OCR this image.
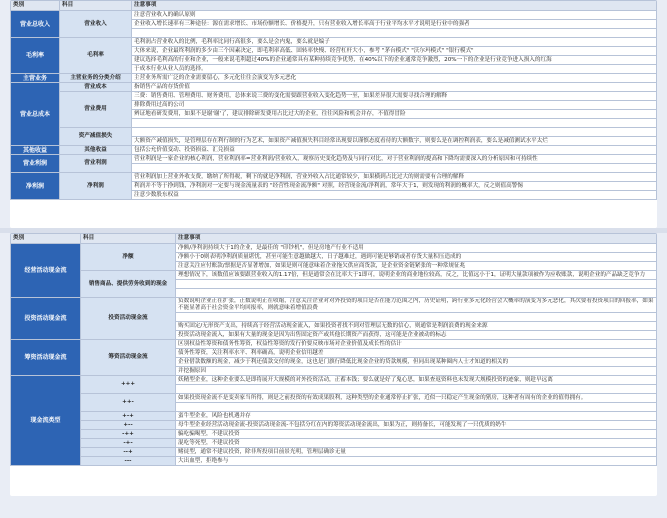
类别	科目	注意事项
营业总收入	营业收入	注意营业收入的确认原则
		企业收入增长速率有三种途径：源在需求增长、市场份额增长、价格提升，只有营业收入增长率高于行业平均水平才说明是行业中的强者

毛利率	毛利率	毛利润占营业收入的比例，毛利率比同行高很多，要么是会内鬼，要么就是编子
		大体来说，企业最终利润的多少由三个因素决定，即毛利率高低、固转率快慢、经营杠杆大小，参考 "茅台模式" "沃尔玛模式" "银行模式"
		建议选择毛利高的行业和企业，一般来说毛利超过40%的企业通常具有某种持续竞争优势，在40%以下的企业通常竞争激烈，20%一下的企业是行业竞争进入损入的红海
		于成本行业从业人员的选择。
主营业务	主营业务的分类介绍	主营业务所需广泛的企业需要留心，多元化往往会演变为多元恶化
营业总成本	营业成本	指销售产品的存货价值
	营业费用	三费：销售费用、管理费用、财务费用，总体来说三费的变化需要跟营业收入变化趋势一至，如果差异很大需要寻找合理的解释
		排除费用过高的公司
		辨证地看研发费用，如果不是谢'谢'了，建议排除研发费用占比过大的企业，往往风险和机会并存，不值得冒险

	资产减值损失	
		大额资产减值损失，是管理层存在利行制的行为艺术，如果资产减值损失科目经常出现要以谨慎态度看待的大额数字，则要么是在调控利润表，要么是减值测试水平太烂
其他收益	其他收益	包括公允价值变动、投资损益、汇兑损益
营业利润	营业利润	营业利润是一家企业的核心利润，营业利润率=营业利润/营业收入，观察历史变化趋势及与同行对比，对于营业利润的提高和下降均需要深入的分析原因和可持续性

净利润	净利润	营业利润加上营业外收支费，缴纳了所得税，剩下的就是净利润，营业外收入占比通常较少，如果横到占比过大的则需要有合理的解释
		利润并不等于挣到钱，净利润对一定要与现金流量表的 "经营性现金流净额" 对照，经营现金流/净利润，常年大于1，则发现的利润的概率大，反之则值高警惕
		注意少数股东权益
类别	科目	注意事项
经营活动现金流	净额	净额/净利润持续大于1的企业，是最佳的 "印钞机"，但是房地产行业不适用
		净额小于0则表明净利润质量堪忧，甚至可能生意越做越大，日子越难过，遇到可能是够销或者存货大量积压造成的
		注意关注应付账款/票据是否显著增加，如果是则可能意味着企业拖欠供应商货款，是企业资金链紧张的一种常规征兆
	销售商品、提供劳务收到的现金	理想情况下，该数值应该要跟营业收入的1.17倍，但是通常会在比率大于1即可，说明企业的商业地位较高，反之，比值远小于1，证明大量款项被作为应收账款，说明企业的产品缺乏竞争力

投资活动现金流	投资活动现金流	负数说明企业正在扩张，正数说明正在收缩，注意关注企业对对外投资的项目是否在能力范围之内，历史证明，跨行业多元化经营会大概率的演变为多元恶化，其次要看投资项目的回报率，如果不能显著高于社会资金平均回报率，则就意味着增值浪费

		购买固定/无形资产支出，持续高于经营活动现金流入，如果投资者找不到对管理层无数的信心，则通常是利润浪费的现金来源
		投资活动现金流入，如果有大量的现金是因为出售固定资产或其他长期资产而获得，这可能是企业被动的标志
筹资活动现金流	筹资活动现金流	区别权益性筹资和债务性筹资，权益性筹资的发行价要反映市场对企业价值及成长性的估计
		债务性筹资，关注利率水平、利率确高，说明企业信用越差
		企业借款数额的现金，减少于利还债款交付的现金，这也是门旗行降低比现金企业的贷款规模，但同出现某种圈内人士才知道的相关的
		并挖掘原因
现金流类型	+++	妖精型企业，这种企业要么是即将展开大规模的对外投资活动，正蓄本钱；要么就是好了鬼心思，如果查返资料也未发现大规模投资的迹象，则趁早远离

	++-	如果投资现金流不是变卖家当所得，则是之前投资的有效成果股利，这种类型的企业通常停止扩张，近似一只稳定产生现金的猪房，这种者有周有的企业的值得拥有。

	+-+	蛮牛型企业，风险也机遇并存
	+--	母牛型企业经营活动现金流-投资活动现金流-不包括分红在内的筹资活动现金流出，如果为正，则持备长，可能发现了一只优质的奶牛
	-++	骗吃骗喝型，不建议投资
	-+-	混吃等死型，不建议投资
	--+	赌徒型，通常不建议投资，除非所投项目前景光明，管理层确诊无量
	---	大出血型，拒绝参与
